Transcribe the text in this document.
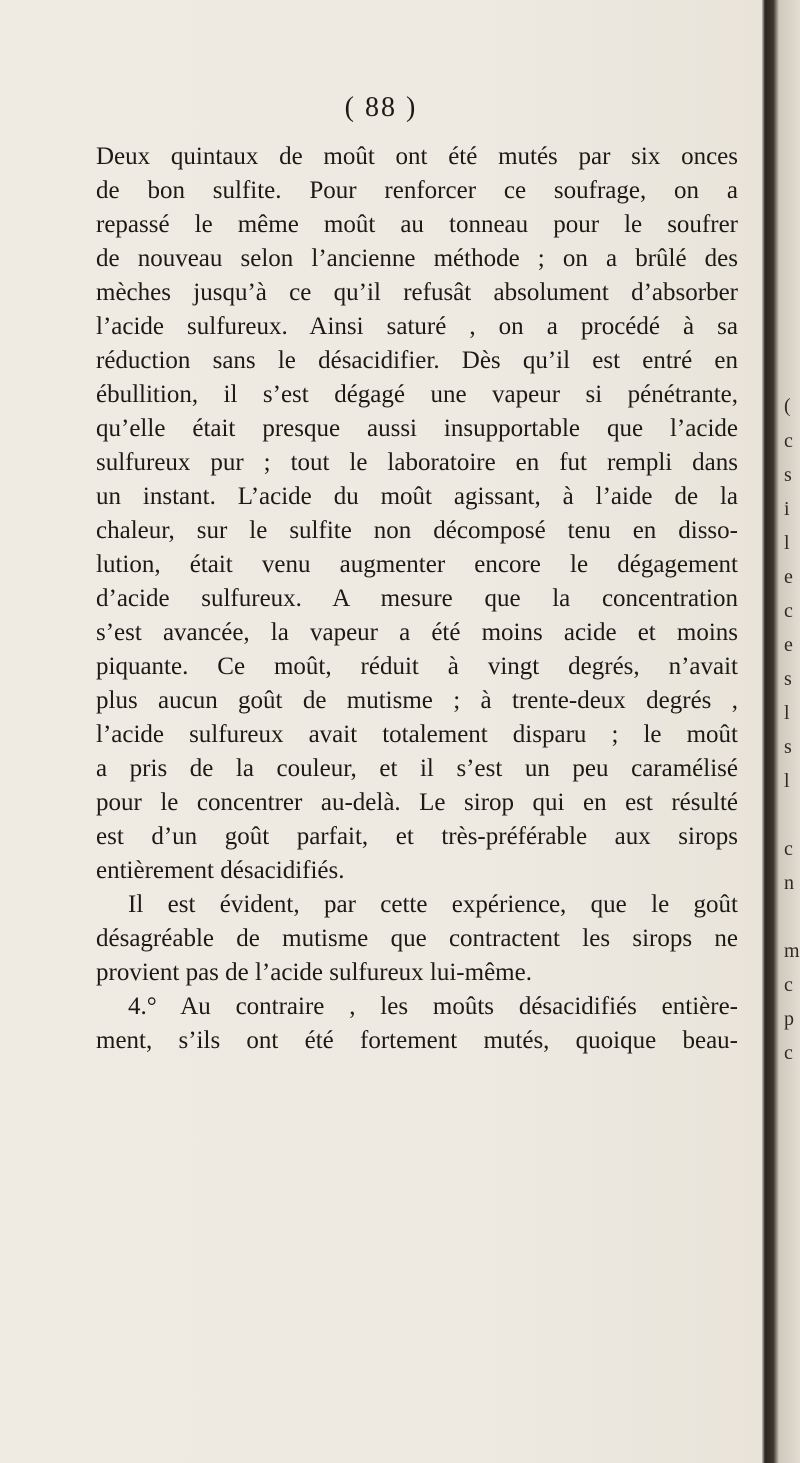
(
c
s
i
l
e
c
e
s
l
s
l
c
n
m
c
p
c
( 88 )
Deux quintaux de moût ont été mutés par six onces
de bon sulfite. Pour renforcer ce soufrage, on a
repassé le même moût au tonneau pour le soufrer
de nouveau selon l’ancienne méthode ; on a brûlé des
mèches jusqu’à ce qu’il refusât absolument d’absorber
l’acide sulfureux. Ainsi saturé , on a procédé à sa
réduction sans le désacidifier. Dès qu’il est entré en
ébullition, il s’est dégagé une vapeur si pénétrante,
qu’elle était presque aussi insupportable que l’acide
sulfureux pur ; tout le laboratoire en fut rempli dans
un instant. L’acide du moût agissant, à l’aide de la
chaleur, sur le sulfite non décomposé tenu en disso-
lution, était venu augmenter encore le dégagement
d’acide sulfureux. A mesure que la concentration
s’est avancée, la vapeur a été moins acide et moins
piquante. Ce moût, réduit à vingt degrés, n’avait
plus aucun goût de mutisme ; à trente-deux degrés ,
l’acide sulfureux avait totalement disparu ; le moût
a pris de la couleur, et il s’est un peu caramélisé
pour le concentrer au-delà. Le sirop qui en est résulté
est d’un goût parfait, et très-préférable aux sirops
entièrement désacidifiés.
Il est évident, par cette expérience, que le goût
désagréable de mutisme que contractent les sirops ne
provient pas de l’acide sulfureux lui-même.
4.° Au contraire , les moûts désacidifiés entière-
ment, s’ils ont été fortement mutés, quoique beau-
